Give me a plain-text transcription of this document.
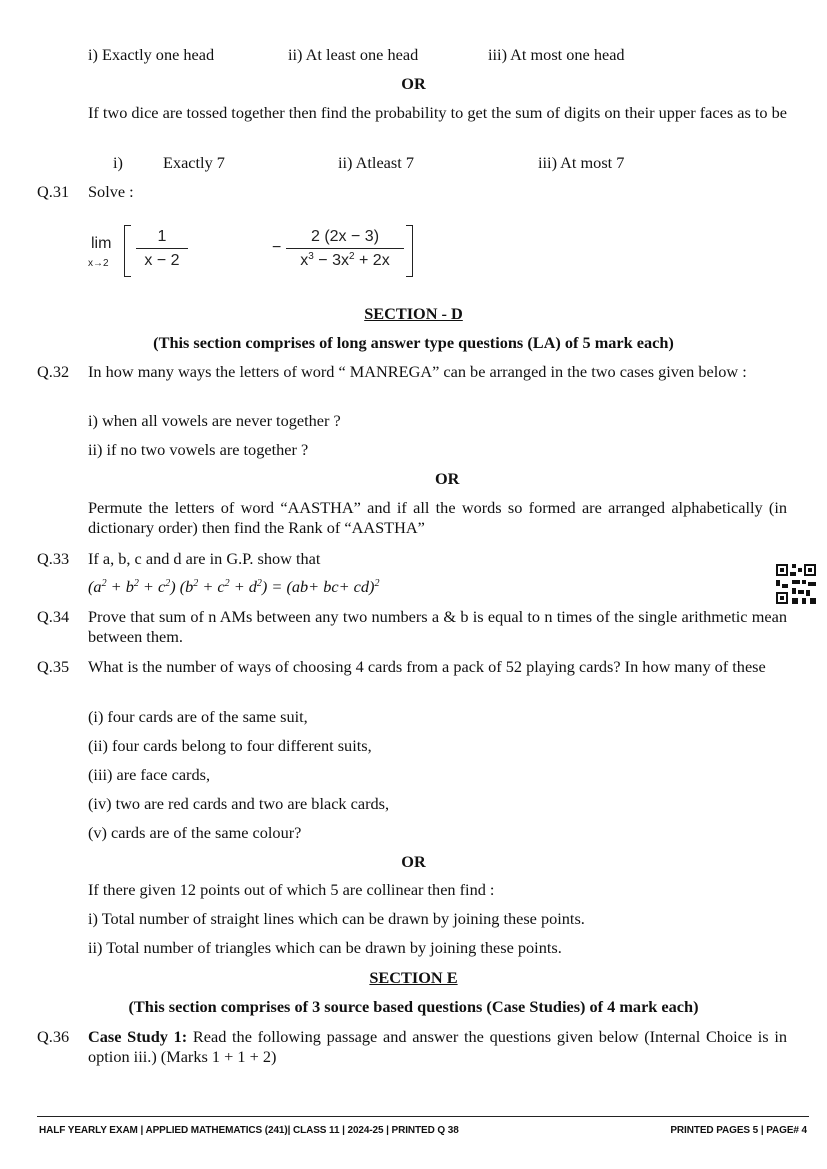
i) Exactly one head	ii) At least one head	iii) At most one head
OR
If two dice are tossed together then find the probability to get the sum of digits on their upper faces as to be
i) Exactly 7	ii) Atleast 7	iii) At most 7
Q.31 Solve :
lim
x→2
1
x − 2
−
2 (2x − 3)
$x^3 - 3x^2 + 2x$
SECTION - D
(This section comprises of long answer type questions (LA) of 5 mark each)
Q.32 In how many ways the letters of word “ MANREGA” can be arranged in the two cases given below :
i) when all vowels are never together ?
ii) if no two vowels are together ?
OR
Permute the letters of word “AASTHA” and if all the words so formed are arranged alphabetically (in dictionary order) then find the Rank of “AASTHA”
Q.33 If a, b, c and d are in G.P. show that
$(a^2 + b^2 + c^2) (b^2 + c^2 + d^2) = (ab+ bc+ cd)^2$
Q.34 Prove that sum of n AMs between any two numbers a & b is equal to n times of the single arithmetic mean between them.
Q.35 What is the number of ways of choosing 4 cards from a pack of 52 playing cards? In how many of these
(i) four cards are of the same suit,
(ii) four cards belong to four different suits,
(iii) are face cards,
(iv) two are red cards and two are black cards,
(v) cards are of the same colour?
OR
If there given 12 points out of which 5 are collinear then find :
i) Total number of straight lines which can be drawn by joining these points.
ii) Total number of triangles which can be drawn by joining these points.
SECTION E
(This section comprises of 3 source based questions (Case Studies) of 4 mark each)
Q.36 Case Study 1: Read the following passage and answer the questions given below (Internal Choice is in option iii.) (Marks 1 + 1 + 2)
HALF YEARLY EXAM | APPLIED MATHEMATICS (241)| CLASS 11 | 2024-25 | PRINTED Q 38	PRINTED PAGES 5 | PAGE# 4
